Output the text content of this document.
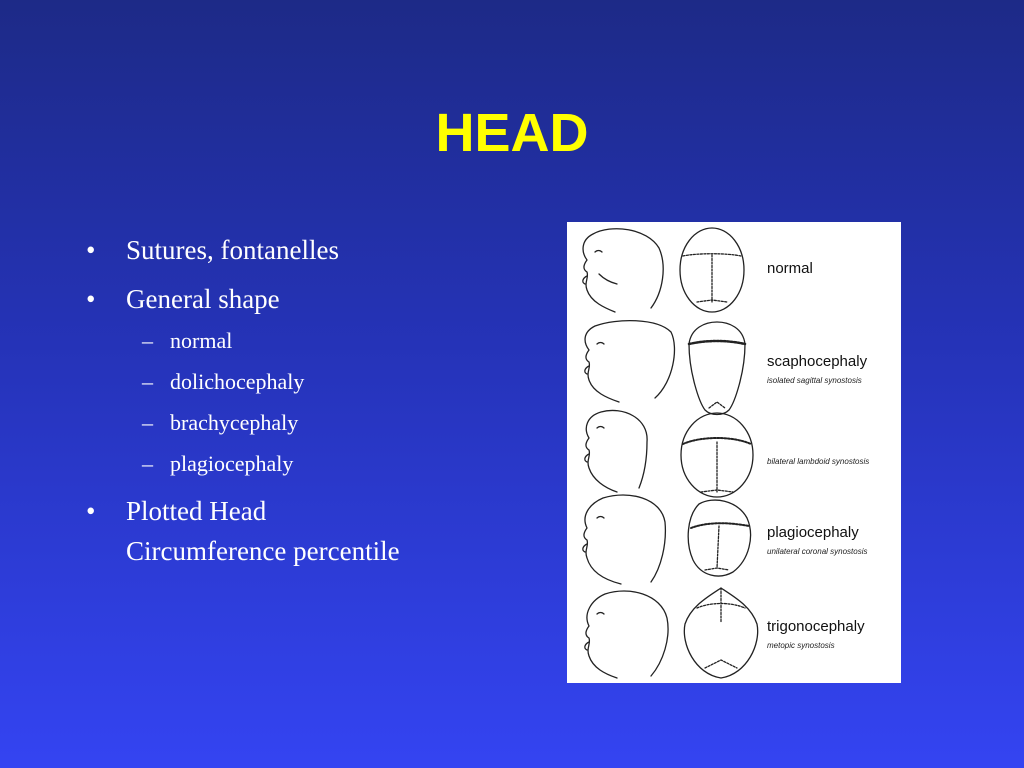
HEAD
• Sutures, fontanelles
• General shape
– normal
– dolichocephaly
– brachycephaly
– plagiocephaly
• Plotted Head
Circumference percentile
normal
scaphocephaly
isolated sagittal synostosis
bilateral lambdoid synostosis
plagiocephaly
unilateral coronal synostosis
trigonocephaly
metopic synostosis
